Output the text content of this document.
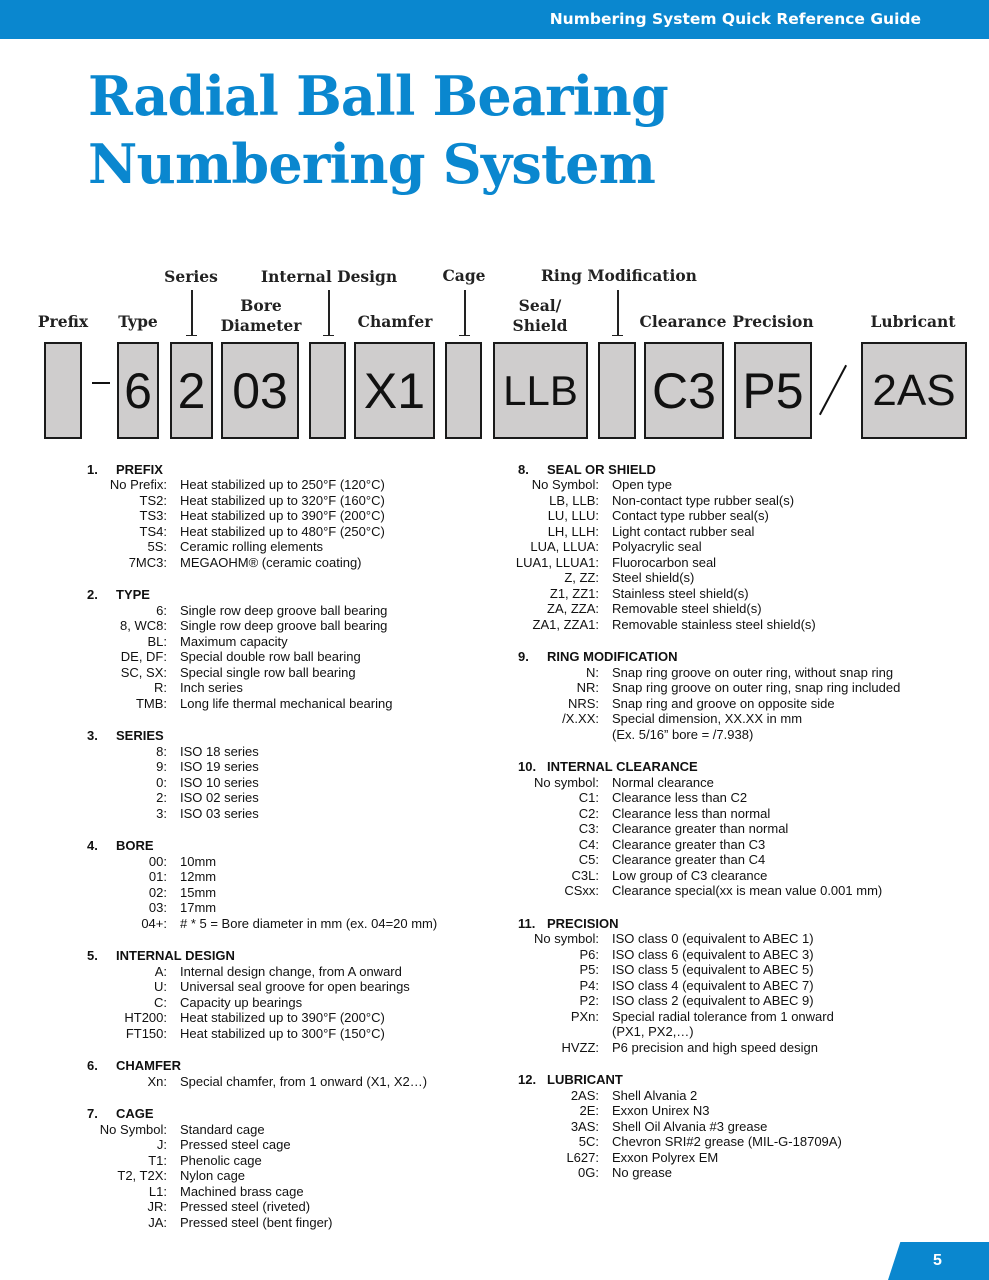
Numbering System Quick Reference Guide
Radial Ball Bearing
Numbering System
Series	Internal Design	Cage	Ring Modification
Prefix Type
Bore
Diameter	Chamfer
Seal/
Shield	Clearance Precision	Lubricant
6 2 03 X1 LLB C3 P5 2AS
1.	PREFIX
No Prefix:	Heat stabilized up to 250°F (120°C)
TS2:	Heat stabilized up to 320°F (160°C)
TS3:	Heat stabilized up to 390°F (200°C)
TS4:	Heat stabilized up to 480°F (250°C)
5S:	Ceramic rolling elements
7MC3:	MEGAOHM® (ceramic coating)
2.	TYPE
6:	Single row deep groove ball bearing
8, WC8:	Single row deep groove ball bearing
BL:	Maximum capacity
DE, DF:	Special double row ball bearing
SC, SX:	Special single row ball bearing
R:	Inch series
TMB:	Long life thermal mechanical bearing
3.	SERIES
8:	ISO 18 series
9:	ISO 19 series
0:	ISO 10 series
2:	ISO 02 series
3:	ISO 03 series
4.	BORE
00:	10mm
01:	12mm
02:	15mm
03:	17mm
04+:	# * 5 = Bore diameter in mm (ex. 04=20 mm)
5.	INTERNAL DESIGN
A:	Internal design change, from A onward
U:	Universal seal groove for open bearings
C:	Capacity up bearings
HT200:	Heat stabilized up to 390°F (200°C)
FT150:	Heat stabilized up to 300°F (150°C)
6.	CHAMFER
Xn:	Special chamfer, from 1 onward (X1, X2…)
7.	CAGE
No Symbol:	Standard cage
J:	Pressed steel cage
T1:	Phenolic cage
T2, T2X:	Nylon cage
L1:	Machined brass cage
JR:	Pressed steel (riveted)
JA:	Pressed steel (bent finger)
8.	SEAL OR SHIELD
No Symbol:	Open type
LB, LLB:	Non-contact type rubber seal(s)
LU, LLU:	Contact type rubber seal(s)
LH, LLH:	Light contact rubber seal
LUA, LLUA:	Polyacrylic seal
LUA1, LLUA1:	Fluorocarbon seal
Z, ZZ:	Steel shield(s)
Z1, ZZ1:	Stainless steel shield(s)
ZA, ZZA:	Removable steel shield(s)
ZA1, ZZA1:	Removable stainless steel shield(s)
9.	RING MODIFICATION
N:	Snap ring groove on outer ring, without snap ring
NR:	Snap ring groove on outer ring, snap ring included
NRS:	Snap ring and groove on opposite side
/X.XX:	Special dimension, XX.XX in mm
(Ex. 5/16” bore = /7.938)
10. INTERNAL CLEARANCE
No symbol:	Normal clearance
C1:	Clearance less than C2
C2:	Clearance less than normal
C3:	Clearance greater than normal
C4:	Clearance greater than C3
C5:	Clearance greater than C4
C3L:	Low group of C3 clearance
CSxx:	Clearance special(xx is mean value 0.001 mm)
11. PRECISION
No symbol:	ISO class 0 (equivalent to ABEC 1)
P6:	ISO class 6 (equivalent to ABEC 3)
P5:	ISO class 5 (equivalent to ABEC 5)
P4:	ISO class 4 (equivalent to ABEC 7)
P2:	ISO class 2 (equivalent to ABEC 9)
PXn:	Special radial tolerance from 1 onward
(PX1, PX2,…)
HVZZ:	P6 precision and high speed design
12. LUBRICANT
2AS:	Shell Alvania 2
2E:	Exxon Unirex N3
3AS:	Shell Oil Alvania #3 grease
5C:	Chevron SRI#2 grease (MIL-G-18709A)
L627:	Exxon Polyrex EM
0G:	No grease
5
